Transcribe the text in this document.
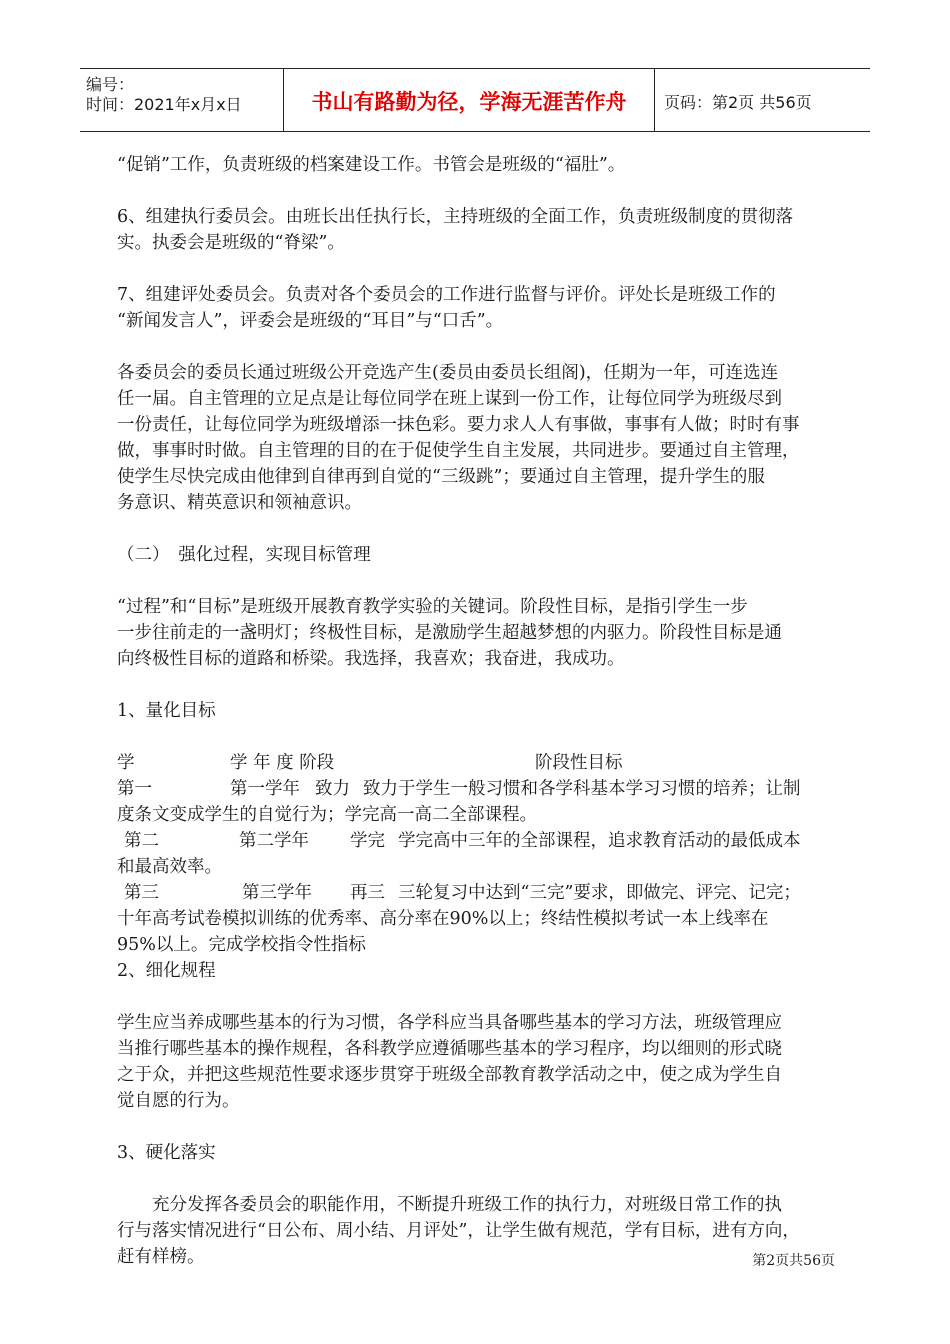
编号：
时间：2021年x月x日	书山有路勤为径，学海无涯苦作舟	页码：第2页 共56页

“促销”工作，负责班级的档案建设工作。书管会是班级的“福肚”。

6、组建执行委员会。由班长出任执行长，主持班级的全面工作，负责班级制度的贯彻落

实。执委会是班级的“脊梁”。

7、组建评处委员会。负责对各个委员会的工作进行监督与评价。评处长是班级工作的

“新闻发言人”，评委会是班级的“耳目”与“口舌”。

各委员会的委员长通过班级公开竞选产生(委员由委员长组阁)，任期为一年，可连选连

任一届。自主管理的立足点是让每位同学在班上谋到一份工作，让每位同学为班级尽到

一份责任，让每位同学为班级增添一抹色彩。要力求人人有事做，事事有人做；时时有事

做，事事时时做。自主管理的目的在于促使学生自主发展，共同进步。要通过自主管理，

使学生尽快完成由他律到自律再到自觉的“三级跳”；要通过自主管理，提升学生的服

务意识、精英意识和领袖意识。

（二）　强化过程，实现目标管理

“过程”和“目标”是班级开展教育教学实验的关键词。阶段性目标，是指引学生一步

一步往前走的一盏明灯；终极性目标，是激励学生超越梦想的内驱力。阶段性目标是通

向终极性目标的道路和桥梁。我选择，我喜欢；我奋进，我成功。

1、量化目标

学	学 年 度 阶段	阶段性目标
第一	第一学年 致力 致力于学生一般习惯和各学科基本学习习惯的培养；让制

度条文变成学生的自觉行为；学完高一高二全部课程。

第二	第二学年 学完 学完高中三年的全部课程，追求教育活动的最低成本

和最高效率。

第三	第三学年 再三 三轮复习中达到“三完”要求，即做完、评完、记完；

十年高考试卷模拟训练的优秀率、高分率在90%以上；终结性模拟考试一本上线率在

95%以上。完成学校指令性指标

2、细化规程

学生应当养成哪些基本的行为习惯，各学科应当具备哪些基本的学习方法，班级管理应

当推行哪些基本的操作规程，各科教学应遵循哪些基本的学习程序，均以细则的形式晓

之于众，并把这些规范性要求逐步贯穿于班级全部教育教学活动之中，使之成为学生自

觉自愿的行为。

3、硬化落实

　　充分发挥各委员会的职能作用，不断提升班级工作的执行力，对班级日常工作的执

行与落实情况进行“日公布、周小结、月评处”，让学生做有规范，学有目标，进有方向，

赶有样榜。	第2页共56页
